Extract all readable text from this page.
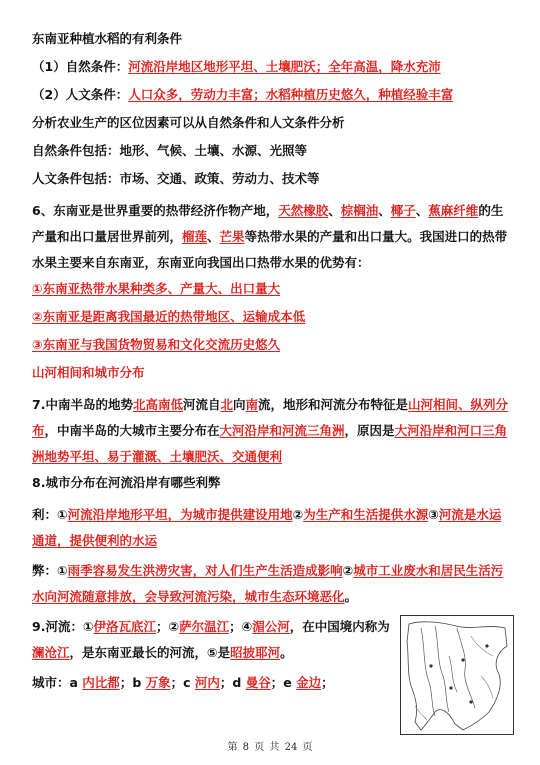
东南亚种植水稻的有利条件
（1）自然条件：河流沿岸地区地形平坦、土壤肥沃；全年高温，降水充沛
（2）人文条件：人口众多，劳动力丰富；水稻种植历史悠久，种植经验丰富
分析农业生产的区位因素可以从自然条件和人文条件分析
自然条件包括：地形、气候、土壤、水源、光照等
人文条件包括：市场、交通、政策、劳动力、技术等
6、东南亚是世界重要的热带经济作物产地，天然橡胶、棕榈油、椰子、蕉麻纤维的生产量和出口量居世界前列，榴莲、芒果等热带水果的产量和出口量大。我国进口的热带水果主要来自东南亚，东南亚向我国出口热带水果的优势有：
①东南亚热带水果种类多、产量大、出口量大
②东南亚是距离我国最近的热带地区、运输成本低
③东南亚与我国货物贸易和文化交流历史悠久
山河相间和城市分布
7.中南半岛的地势北高南低河流自北向南流，地形和河流分布特征是山河相间、纵列分布，中南半岛的大城市主要分布在大河沿岸和河流三角洲，原因是大河沿岸和河口三角洲地势平坦、易于灌溉、土壤肥沃、交通便利
8.城市分布在河流沿岸有哪些利弊
利：①河流沿岸地形平坦，为城市提供建设用地②为生产和生活提供水源③河流是水运通道，提供便利的水运
弊：①雨季容易发生洪涝灾害，对人们生产生活造成影响②城市工业废水和居民生活污水向河流随意排放，会导致河流污染，城市生态环境恶化。
9.河流：①伊洛瓦底江；②萨尔温江；④湄公河，在中国境内称为澜沧江，是东南亚最长的河流，⑤是昭披耶河。
城市：a 内比都；b 万象；c 河内；d 曼谷；e 金边；
第 8 页 共 24 页
